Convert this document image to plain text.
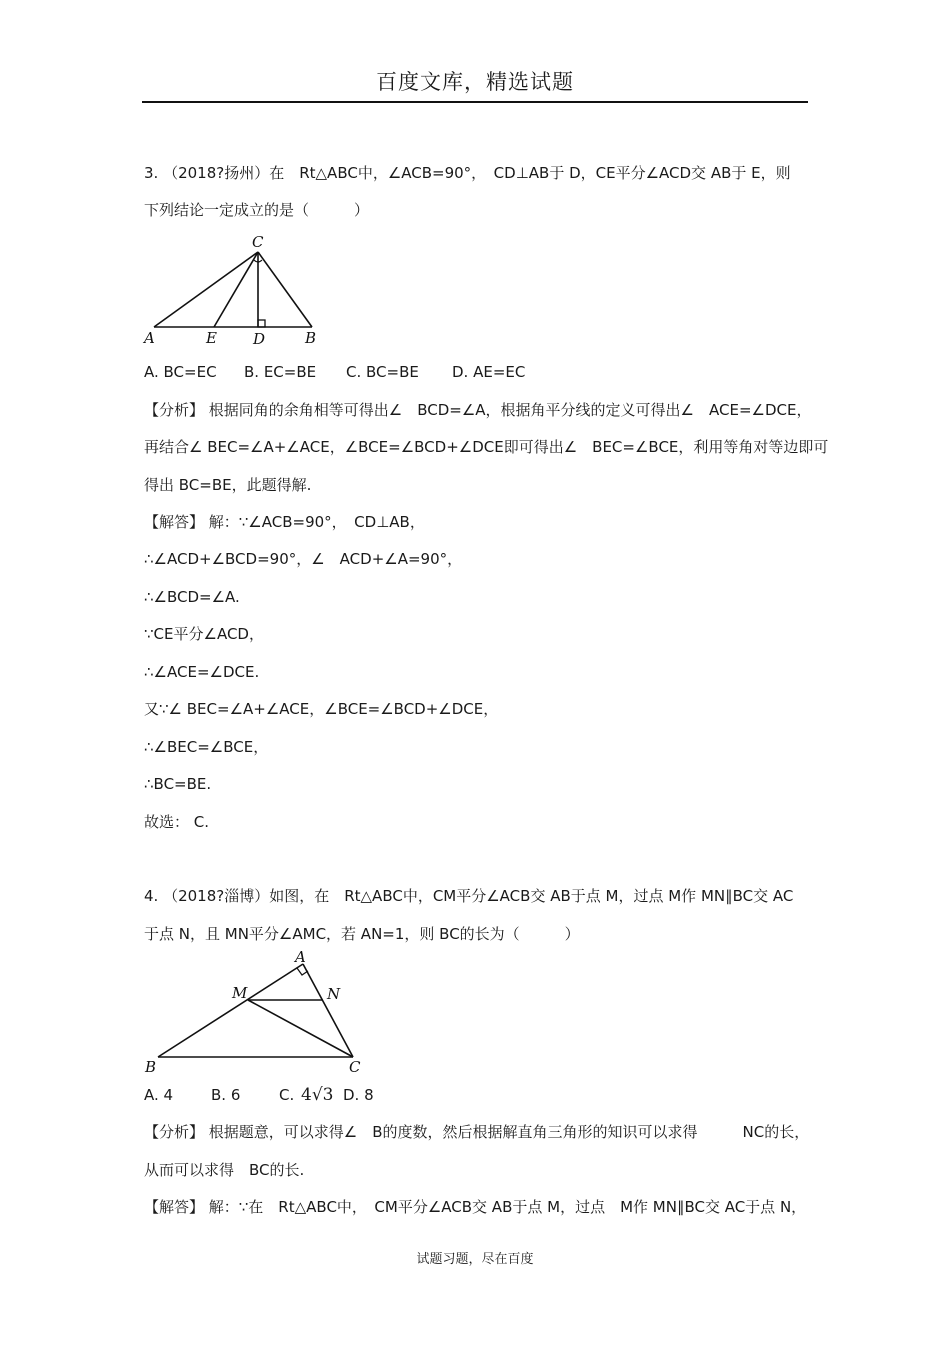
百度文库，精选试题
3. （2018?扬州）在　Rt△ABC中，∠ACB=90°，　CD⊥AB于 D，CE平分∠ACD交 AB于 E，则
下列结论一定成立的是（　　　）
C
A	E D	B
A. BC=EC B. EC=BE C. BC=BE D. AE=EC
【分析】 根据同角的余角相等可得出∠　BCD=∠A，根据角平分线的定义可得出∠　ACE=∠DCE，
再结合∠ BEC=∠A+∠ACE，∠BCE=∠BCD+∠DCE即可得出∠　BEC=∠BCE，利用等角对等边即可
得出 BC=BE，此题得解.
【解答】 解：∵∠ACB=90°，　CD⊥AB，
∴∠ACD+∠BCD=90°，∠　ACD+∠A=90°，
∴∠BCD=∠A.
∵CE平分∠ACD，
∴∠ACE=∠DCE.
又∵∠ BEC=∠A+∠ACE，∠BCE=∠BCD+∠DCE，
∴∠BEC=∠BCE，
∴BC=BE.
故选： C.
4. （2018?淄博）如图，在　Rt△ABC中，CM平分∠ACB交 AB于点 M，过点 M作 MN∥BC交 AC
于点 N，且 MN平分∠AMC，若 AN=1，则 BC的长为（　　　）
A
M	N
B	C
A. 4	B. 6	C. 4√3 D. 8
【分析】 根据题意，可以求得∠　B的度数，然后根据解直角三角形的知识可以求得　　　NC的长，
从而可以求得　BC的长.
【解答】 解：∵在　Rt△ABC中，　CM平分∠ACB交 AB于点 M，过点　M作 MN∥BC交 AC于点 N，
试题习题，尽在百度
